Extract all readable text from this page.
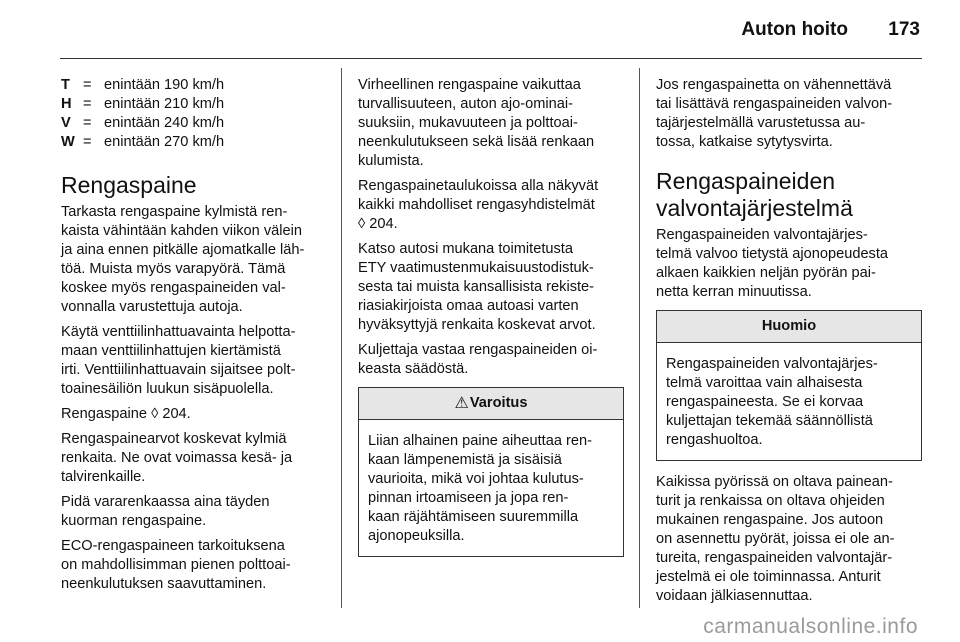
Auton hoito 173
T	=	enintään 190 km/h
H	=	enintään 210 km/h
V	=	enintään 240 km/h
W	=	enintään 270 km/h
Rengaspaine

Tarkasta rengaspaine kylmistä ren-
kaista vähintään kahden viikon välein
ja aina ennen pitkälle ajomatkalle läh-
töä. Muista myös varapyörä. Tämä
koskee myös rengaspaineiden val-
vonnalla varustettuja autoja.

Käytä venttiilinhattuavainta helpotta-
maan venttiilinhattujen kiertämistä
irti. Venttiilinhattuavain sijaitsee polt-
toainesäiliön luukun sisäpuolella.

Rengaspaine ◊ 204.

Rengaspainearvot koskevat kylmiä
renkaita. Ne ovat voimassa kesä- ja
talvirenkaille.

Pidä vararenkaassa aina täyden
kuorman rengaspaine.

ECO-rengaspaineen tarkoituksena
on mahdollisimman pienen polttoai-
neenkulutuksen saavuttaminen.

Virheellinen rengaspaine vaikuttaa
turvallisuuteen, auton ajo-ominai-
suuksiin, mukavuuteen ja polttoai-
neenkulutukseen sekä lisää renkaan
kulumista.

Rengaspainetaulukoissa alla näkyvät
kaikki mahdolliset rengasyhdistelmät
◊ 204.

Katso autosi mukana toimitetusta
ETY vaatimustenmukaisuustodistuk-
sesta tai muista kansallisista rekiste-
riasiakirjoista omaa autoasi varten
hyväksyttyjä renkaita koskevat arvot.

Kuljettaja vastaa rengaspaineiden oi-
keasta säädöstä.

⚠Varoitus
Liian alhainen paine aiheuttaa ren-
kaan lämpenemistä ja sisäisiä
vaurioita, mikä voi johtaa kulutus-
pinnan irtoamiseen ja jopa ren-
kaan räjähtämiseen suuremmilla
ajonopeuksilla.

Jos rengaspainetta on vähennettävä
tai lisättävä rengaspaineiden valvon-
tajärjestelmällä varustetussa au-
tossa, katkaise sytytysvirta.

Rengaspaineiden
valvontajärjestelmä

Rengaspaineiden valvontajärjes-
telmä valvoo tietystä ajonopeudesta
alkaen kaikkien neljän pyörän pai-
netta kerran minuutissa.

Huomio
Rengaspaineiden valvontajärjes-
telmä varoittaa vain alhaisesta
rengaspaineesta. Se ei korvaa
kuljettajan tekemää säännöllistä
rengashuoltoa.

Kaikissa pyörissä on oltava painean-
turit ja renkaissa on oltava ohjeiden
mukainen rengaspaine. Jos autoon
on asennettu pyörät, joissa ei ole an-
tureita, rengaspaineiden valvontajär-
jestelmä ei ole toiminnassa. Anturit
voidaan jälkiasennuttaa.

carmanualsonline.info
